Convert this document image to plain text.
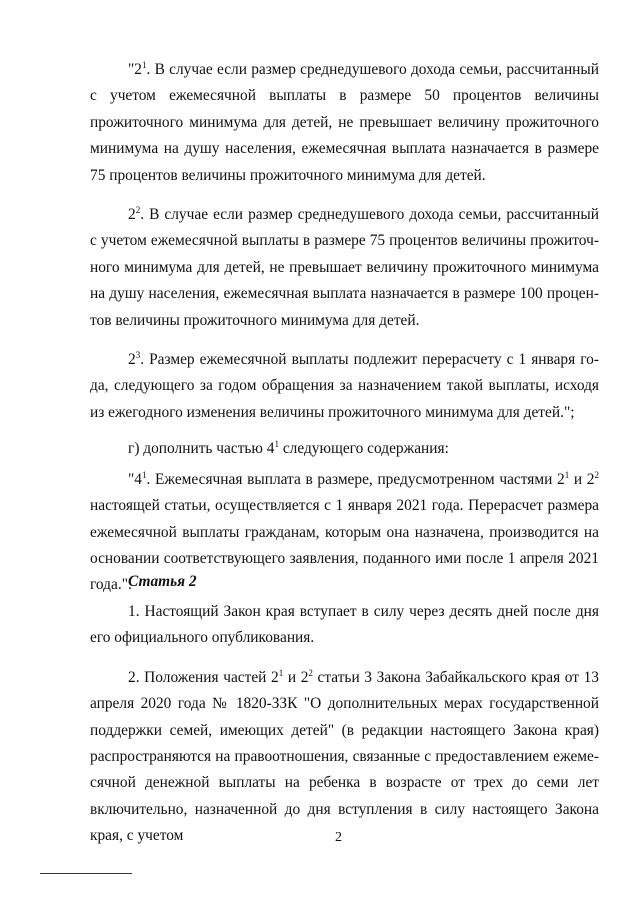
"$2^1$. В случае если размер среднедушевого дохода семьи, рассчитанный с учетом ежемесячной выплаты в размере 50 процентов величины прожиточного минимума для детей, не превышает величину прожиточного минимума на душу населения, ежемесячная выплата назначается в размере 75 процентов величины прожиточного минимума для детей.

$2^2$. В случае если размер среднедушевого дохода семьи, рассчитанный с учетом ежемесячной выплаты в размере 75 процентов величины прожиточного минимума для детей, не превышает величину прожиточного минимума на душу населения, ежемесячная выплата назначается в размере 100 процентов величины прожиточного минимума для детей.

$2^3$. Размер ежемесячной выплаты подлежит перерасчету с 1 января года, следующего за годом обращения за назначением такой выплаты, исходя из ежегодного изменения величины прожиточного минимума для детей.";

г) дополнить частью $4^1$ следующего содержания:

"$4^1$. Ежемесячная выплата в размере, предусмотренном частями $2^1$ и $2^2$ настоящей статьи, осуществляется с 1 января 2021 года. Перерасчет размера ежемесячной выплаты гражданам, которым она назначена, производится на основании соответствующего заявления, поданного ими после 1 апреля 2021 года.".

Статья 2

1. Настоящий Закон края вступает в силу через десять дней после дня его официального опубликования.

2. Положения частей $2^1$ и $2^2$ статьи 3 Закона Забайкальского края от 13 апреля 2020 года № 1820-ЗЗК "О дополнительных мерах государственной поддержки семей, имеющих детей" (в редакции настоящего Закона края) распространяются на правоотношения, связанные с предоставлением ежемесячной денежной выплаты на ребенка в возрасте от трех до семи лет включительно, назначенной до дня вступления в силу настоящего Закона края, с учетом	2
